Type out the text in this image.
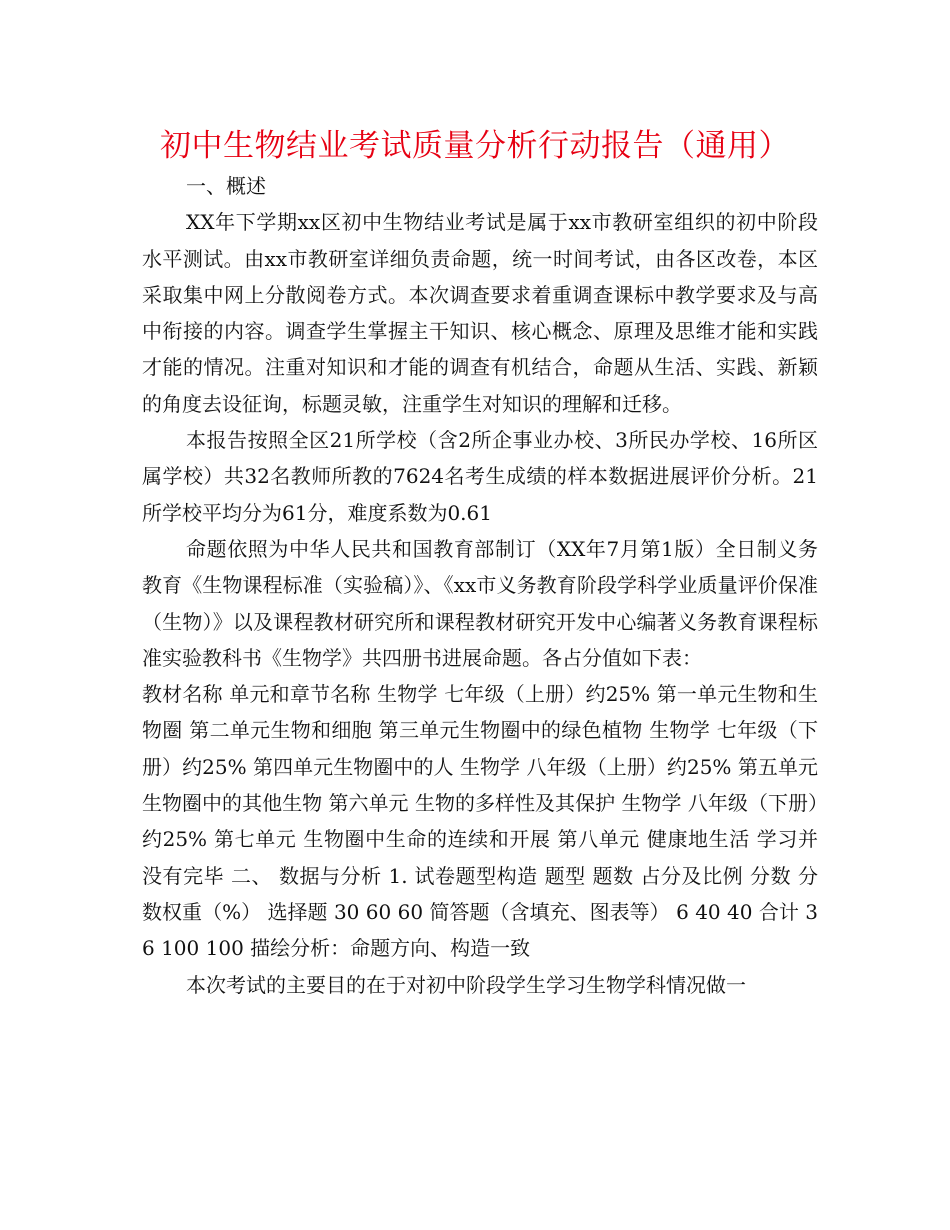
初中生物结业考试质量分析行动报告（通用）

一、概述

XX年下学期xx区初中生物结业考试是属于xx市教研室组织的初中阶段水平测试。由xx市教研室详细负责命题，统一时间考试，由各区改卷，本区采取集中网上分散阅卷方式。本次调查要求着重调查课标中教学要求及与高中衔接的内容。调查学生掌握主干知识、核心概念、原理及思维才能和实践才能的情况。注重对知识和才能的调查有机结合，命题从生活、实践、新颖的角度去设征询，标题灵敏，注重学生对知识的理解和迁移。

本报告按照全区21所学校（含2所企事业办校、3所民办学校、16所区属学校）共32名教师所教的7624名考生成绩的样本数据进展评价分析。21所学校平均分为61分，难度系数为0.61

命题依照为中华人民共和国教育部制订（XX年7月第1版）全日制义务教育《生物课程标准（实验稿）》、《xx市义务教育阶段学科学业质量评价保准（生物）》以及课程教材研究所和课程教材研究开发中心编著义务教育课程标准实验教科书《生物学》共四册书进展命题。各占分值如下表：

教材名称 单元和章节名称 生物学 七年级（上册）约25% 第一单元生物和生物圈 第二单元生物和细胞 第三单元生物圈中的绿色植物 生物学 七年级（下册）约25% 第四单元生物圈中的人 生物学 八年级（上册）约25% 第五单元 生物圈中的其他生物 第六单元 生物的多样性及其保护 生物学 八年级（下册）约25% 第七单元 生物圈中生命的连续和开展 第八单元 健康地生活 学习并没有完毕 二、 数据与分析 1. 试卷题型构造 题型 题数 占分及比例 分数 分数权重（%） 选择题 30 60 60 简答题（含填充、图表等） 6 40 40 合计 36 100 100 描绘分析：命题方向、构造一致

本次考试的主要目的在于对初中阶段学生学习生物学科情况做一
